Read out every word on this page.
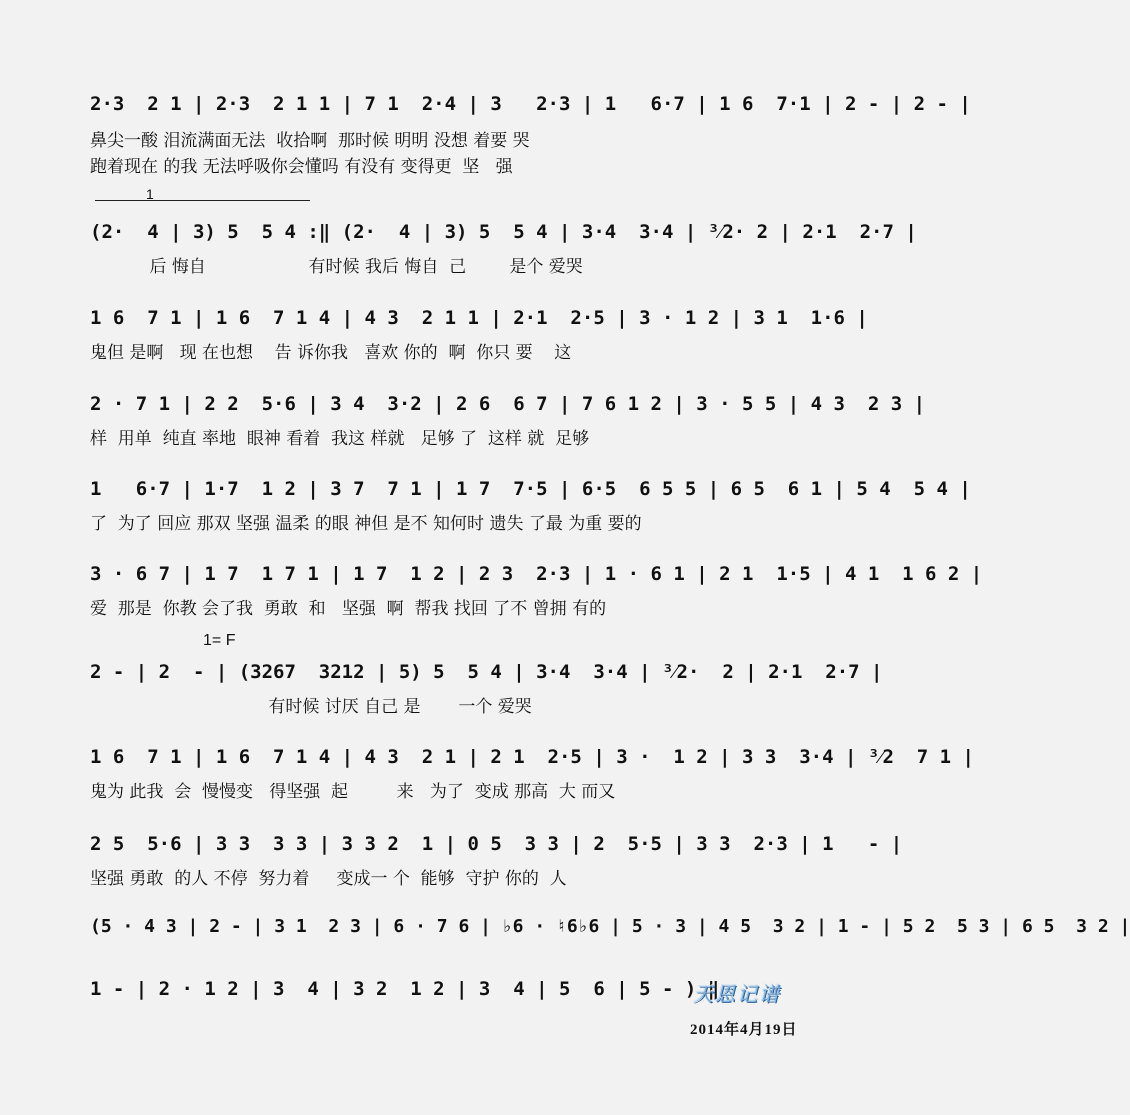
2·3  2 1 | 2·3  2 1 1 | 7 1  2·4 | 3   2·3 | 1   6·7 | 1 6  7·1 | 2 - | 2 - |
鼻尖一酸 泪流满面无法  收拾啊  那时候 明明 没想 着要 哭
跑着现在 的我 无法呼吸你会懂吗 有没有 变得更  坚   强
1
(2·  4 | 3) 5  5 4 :‖ (2·  4 | 3) 5  5 4 | 3·4  3·4 | ³⁄2· 2 | 2·1  2·7 |
后 悔自                   有时候 我后 悔自  己        是个 爱哭
1 6  7 1 | 1 6  7 1 4 | 4 3  2 1 1 | 2·1  2·5 | 3 · 1 2 | 3 1  1·6 |
鬼但 是啊   现 在也想    告 诉你我   喜欢 你的  啊  你只 要    这
2 · 7 1 | 2 2  5·6 | 3 4  3·2 | 2 6  6 7 | 7 6 1 2 | 3 · 5 5 | 4 3  2 3 |
样  用单  纯直 率地  眼神 看着  我这 样就   足够 了  这样 就  足够
1   6·7 | 1·7  1 2 | 3 7  7 1 | 1 7  7·5 | 6·5  6 5 5 | 6 5  6 1 | 5 4  5 4 |
了  为了 回应 那双 坚强 温柔 的眼 神但 是不 知何时 遗失 了最 为重 要的
3 · 6 7 | 1 7  1 7 1 | 1 7  1 2 | 2 3  2·3 | 1 · 6 1 | 2 1  1·5 | 4 1  1 6 2 |
爱  那是  你教 会了我  勇敢  和   坚强  啊  帮我 找回 了不 曾拥 有的
1= F
2 - | 2  - | (3267  3212 | 5) 5  5 4 | 3·4  3·4 | ³⁄2·  2 | 2·1  2·7 |
有时候 讨厌 自己 是       一个 爱哭
1 6  7 1 | 1 6  7 1 4 | 4 3  2 1 | 2 1  2·5 | 3 ·  1 2 | 3 3  3·4 | ³⁄2  7 1 |
鬼为 此我  会  慢慢变   得坚强  起         来   为了  变成 那高  大 而又
2 5  5·6 | 3 3  3 3 | 3 3 2  1 | 0 5  3 3 | 2  5·5 | 3 3  2·3 | 1   - |
坚强 勇敢  的人 不停  努力着     变成一 个  能够  守护 你的  人
(5 · 4 3 | 2 - | 3 1  2 3 | 6 · 7 6 | ♭6 · ♮6♭6 | 5 · 3 | 4 5  3 2 | 1 - | 5 2  5 3 | 6 5  3 2 |
1 - | 2 · 1 2 | 3  4 | 3 2  1 2 | 3  4 | 5  6 | 5 - ) ‖
天恩记谱
2014年4月19日
